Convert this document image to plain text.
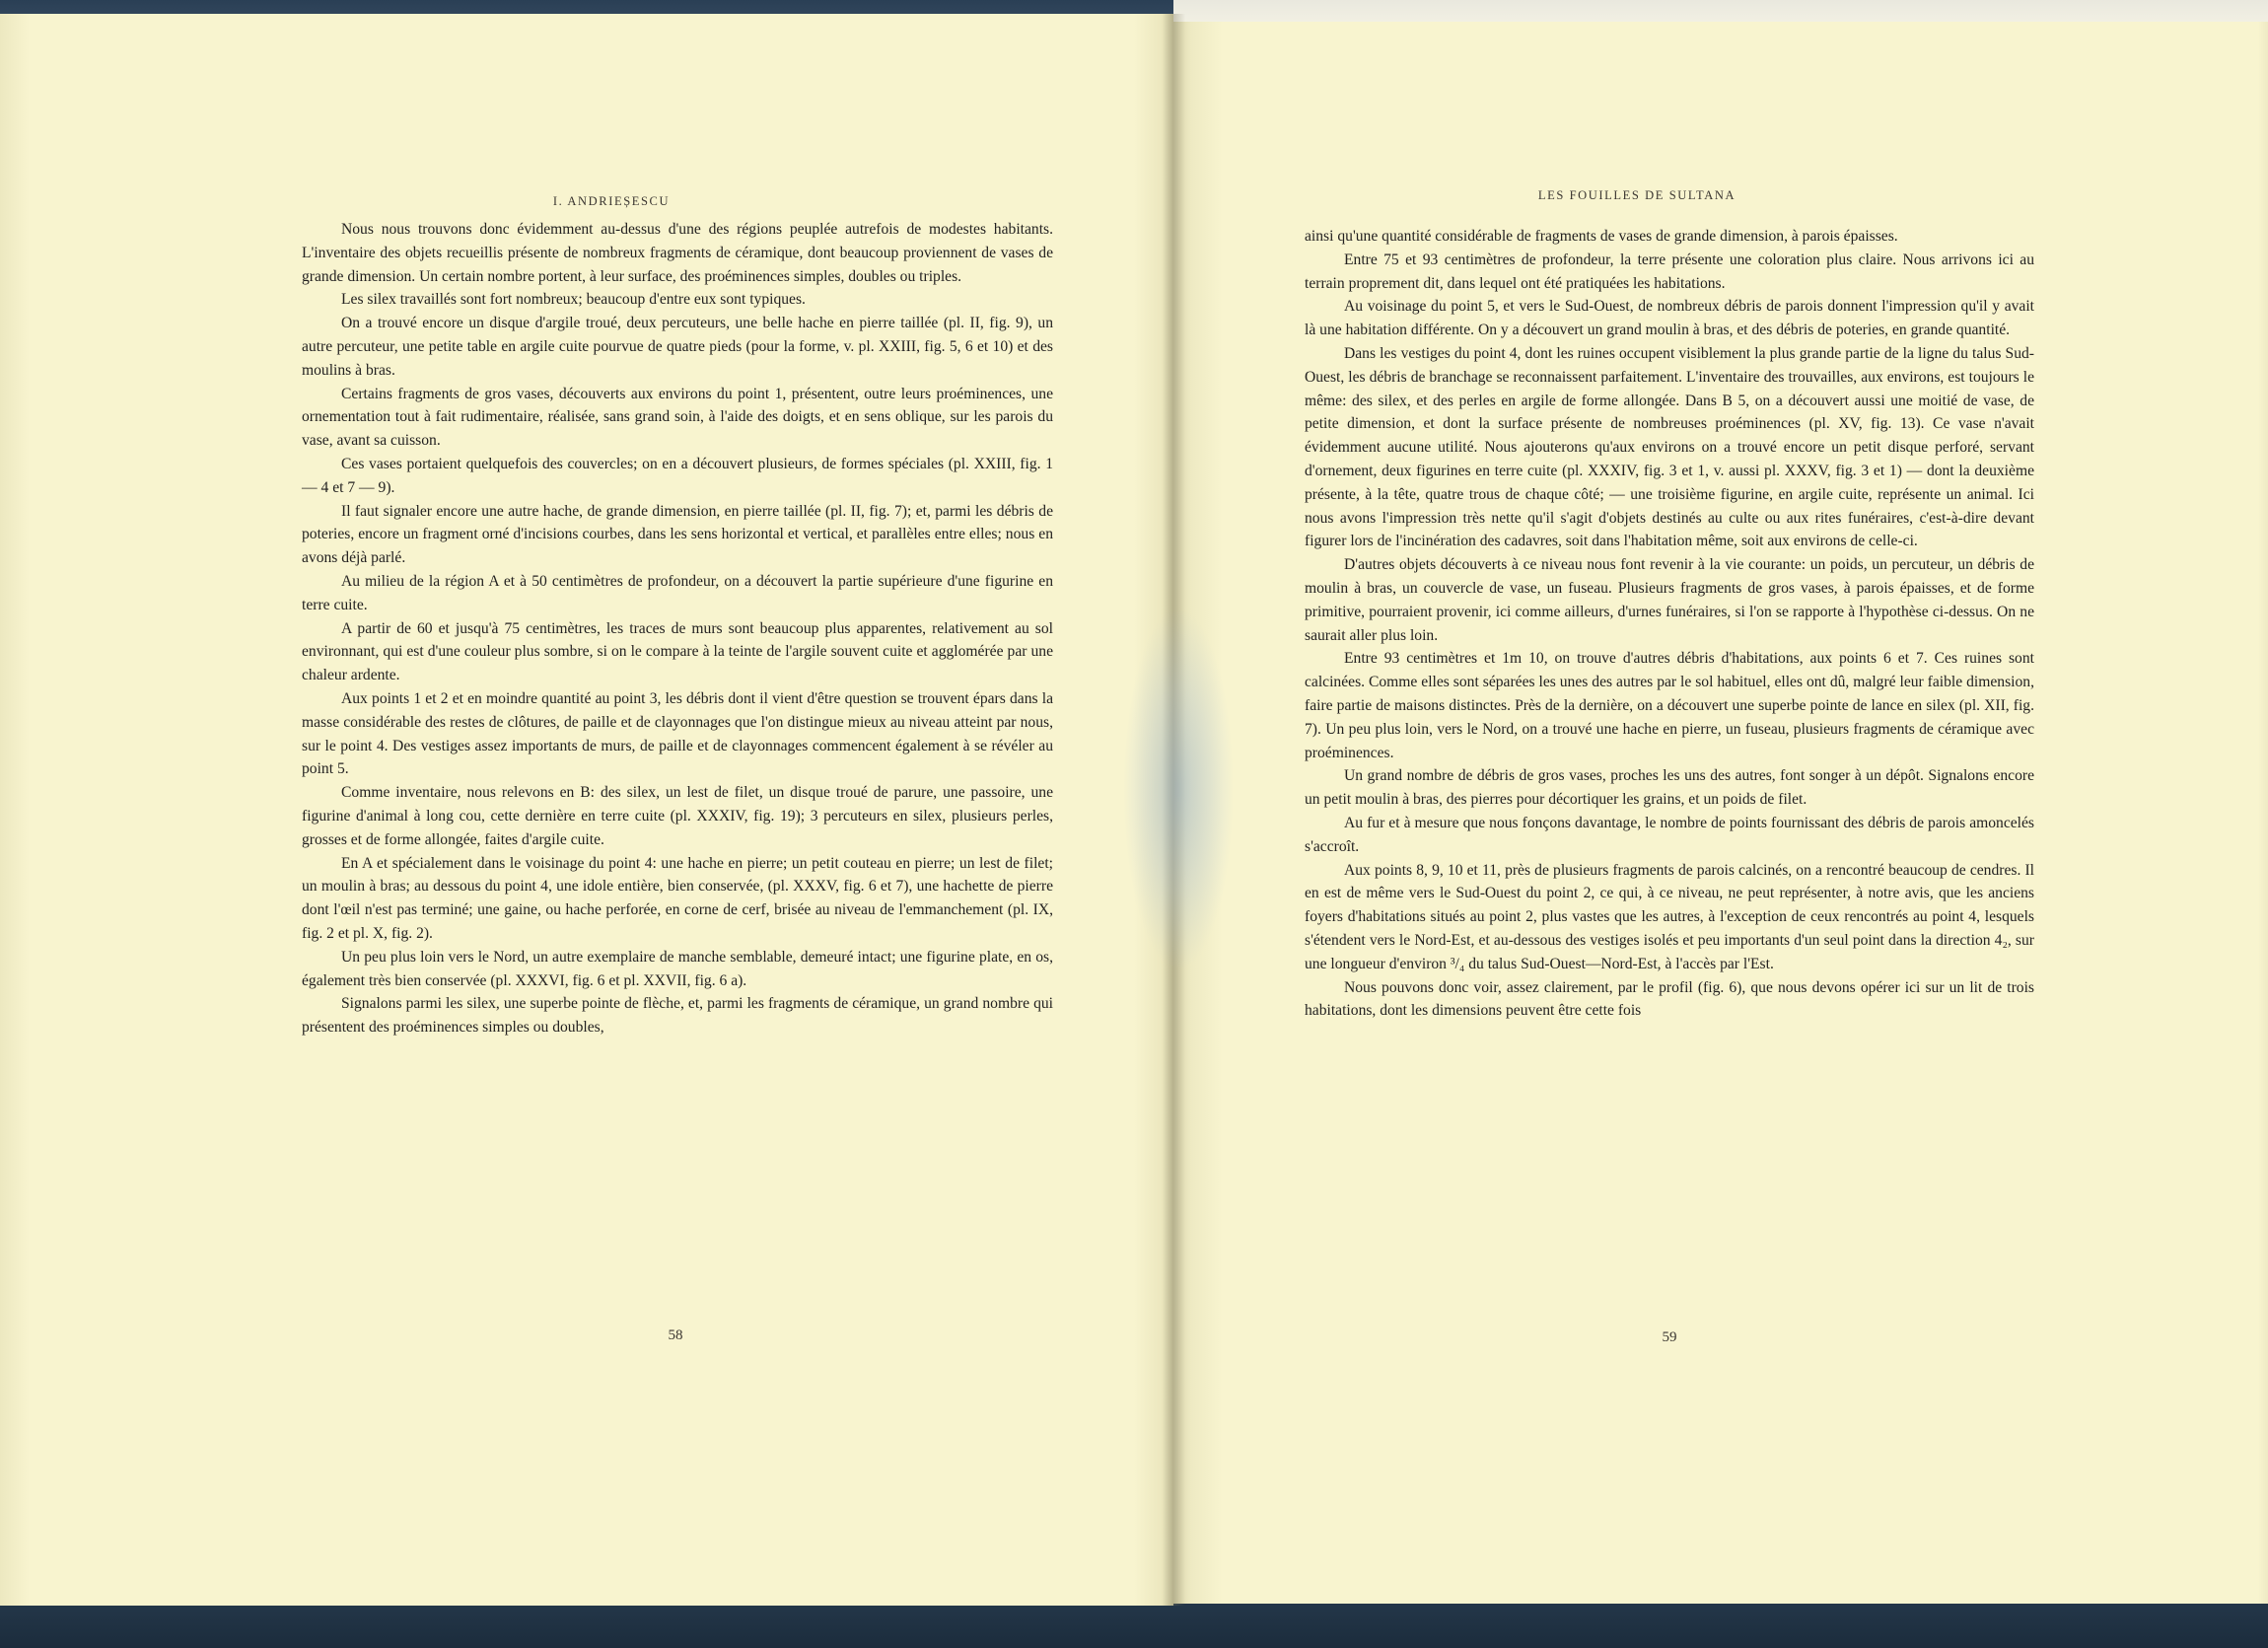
I. ANDRIEȘESCU

Nous nous trouvons donc évidemment au-dessus d'une des régions peuplée autrefois de modestes habitants. L'inventaire des objets recueillis présente de nombreux fragments de céramique, dont beaucoup proviennent de vases de grande dimension. Un certain nombre portent, à leur surface, des proéminences simples, doubles ou triples.

Les silex travaillés sont fort nombreux; beaucoup d'entre eux sont typiques.

On a trouvé encore un disque d'argile troué, deux percuteurs, une belle hache en pierre taillée (pl. II, fig. 9), un autre percuteur, une petite table en argile cuite pourvue de quatre pieds (pour la forme, v. pl. XXIII, fig. 5, 6 et 10) et des moulins à bras.

Certains fragments de gros vases, découverts aux environs du point 1, présentent, outre leurs proéminences, une ornementation tout à fait rudimentaire, réalisée, sans grand soin, à l'aide des doigts, et en sens oblique, sur les parois du vase, avant sa cuisson.

Ces vases portaient quelquefois des couvercles; on en a découvert plusieurs, de formes spéciales (pl. XXIII, fig. 1 — 4 et 7 — 9).

Il faut signaler encore une autre hache, de grande dimension, en pierre taillée (pl. II, fig. 7); et, parmi les débris de poteries, encore un fragment orné d'incisions courbes, dans les sens horizontal et vertical, et parallèles entre elles; nous en avons déjà parlé.

Au milieu de la région A et à 50 centimètres de profondeur, on a découvert la partie supérieure d'une figurine en terre cuite.

A partir de 60 et jusqu'à 75 centimètres, les traces de murs sont beaucoup plus apparentes, relativement au sol environnant, qui est d'une couleur plus sombre, si on le compare à la teinte de l'argile souvent cuite et agglomérée par une chaleur ardente.

Aux points 1 et 2 et en moindre quantité au point 3, les débris dont il vient d'être question se trouvent épars dans la masse considérable des restes de clôtures, de paille et de clayonnages que l'on distingue mieux au niveau atteint par nous, sur le point 4. Des vestiges assez importants de murs, de paille et de clayonnages commencent également à se révéler au point 5.

Comme inventaire, nous relevons en B: des silex, un lest de filet, un disque troué de parure, une passoire, une figurine d'animal à long cou, cette dernière en terre cuite (pl. XXXIV, fig. 19); 3 percuteurs en silex, plusieurs perles, grosses et de forme allongée, faites d'argile cuite.

En A et spécialement dans le voisinage du point 4: une hache en pierre; un petit couteau en pierre; un lest de filet; un moulin à bras; au dessous du point 4, une idole entière, bien conservée, (pl. XXXV, fig. 6 et 7), une hachette de pierre dont l'œil n'est pas terminé; une gaine, ou hache perforée, en corne de cerf, brisée au niveau de l'emmanchement (pl. IX, fig. 2 et pl. X, fig. 2).

Un peu plus loin vers le Nord, un autre exemplaire de manche semblable, demeuré intact; une figurine plate, en os, également très bien conservée (pl. XXXVI, fig. 6 et pl. XXVII, fig. 6 a).

Signalons parmi les silex, une superbe pointe de flèche, et, parmi les fragments de céramique, un grand nombre qui présentent des proéminences simples ou doubles,

58
LES FOUILLES DE SULTANA

ainsi qu'une quantité considérable de fragments de vases de grande dimension, à parois épaisses.

Entre 75 et 93 centimètres de profondeur, la terre présente une coloration plus claire. Nous arrivons ici au terrain proprement dit, dans lequel ont été pratiquées les habitations.

Au voisinage du point 5, et vers le Sud-Ouest, de nombreux débris de parois donnent l'impression qu'il y avait là une habitation différente. On y a découvert un grand moulin à bras, et des débris de poteries, en grande quantité.

Dans les vestiges du point 4, dont les ruines occupent visiblement la plus grande partie de la ligne du talus Sud-Ouest, les débris de branchage se reconnaissent parfaitement. L'inventaire des trouvailles, aux environs, est toujours le même: des silex, et des perles en argile de forme allongée. Dans B 5, on a découvert aussi une moitié de vase, de petite dimension, et dont la surface présente de nombreuses proéminences (pl. XV, fig. 13). Ce vase n'avait évidemment aucune utilité. Nous ajouterons qu'aux environs on a trouvé encore un petit disque perforé, servant d'ornement, deux figurines en terre cuite (pl. XXXIV, fig. 3 et 1, v. aussi pl. XXXV, fig. 3 et 1) — dont la deuxième présente, à la tête, quatre trous de chaque côté; — une troisième figurine, en argile cuite, représente un animal. Ici nous avons l'impression très nette qu'il s'agit d'objets destinés au culte ou aux rites funéraires, c'est-à-dire devant figurer lors de l'incinération des cadavres, soit dans l'habitation même, soit aux environs de celle-ci.

D'autres objets découverts à ce niveau nous font revenir à la vie courante: un poids, un percuteur, un débris de moulin à bras, un couvercle de vase, un fuseau. Plusieurs fragments de gros vases, à parois épaisses, et de forme primitive, pourraient provenir, ici comme ailleurs, d'urnes funéraires, si l'on se rapporte à l'hypothèse ci-dessus. On ne saurait aller plus loin.

Entre 93 centimètres et 1m 10, on trouve d'autres débris d'habitations, aux points 6 et 7. Ces ruines sont calcinées. Comme elles sont séparées les unes des autres par le sol habituel, elles ont dû, malgré leur faible dimension, faire partie de maisons distinctes. Près de la dernière, on a découvert une superbe pointe de lance en silex (pl. XII, fig. 7). Un peu plus loin, vers le Nord, on a trouvé une hache en pierre, un fuseau, plusieurs fragments de céramique avec proéminences.

Un grand nombre de débris de gros vases, proches les uns des autres, font songer à un dépôt. Signalons encore un petit moulin à bras, des pierres pour décortiquer les grains, et un poids de filet.

Au fur et à mesure que nous fonçons davantage, le nombre de points fournissant des débris de parois amoncelés s'accroît.

Aux points 8, 9, 10 et 11, près de plusieurs fragments de parois calcinés, on a rencontré beaucoup de cendres. Il en est de même vers le Sud-Ouest du point 2, ce qui, à ce niveau, ne peut représenter, à notre avis, que les anciens foyers d'habitations situés au point 2, plus vastes que les autres, à l'exception de ceux rencontrés au point 4, lesquels s'étendent vers le Nord-Est, et au-dessous des vestiges isolés et peu importants d'un seul point dans la direction 4₂, sur une longueur d'environ ³/₄ du talus Sud-Ouest—Nord-Est, à l'accès par l'Est.

Nous pouvons donc voir, assez clairement, par le profil (fig. 6), que nous devons opérer ici sur un lit de trois habitations, dont les dimensions peuvent être cette fois

59
